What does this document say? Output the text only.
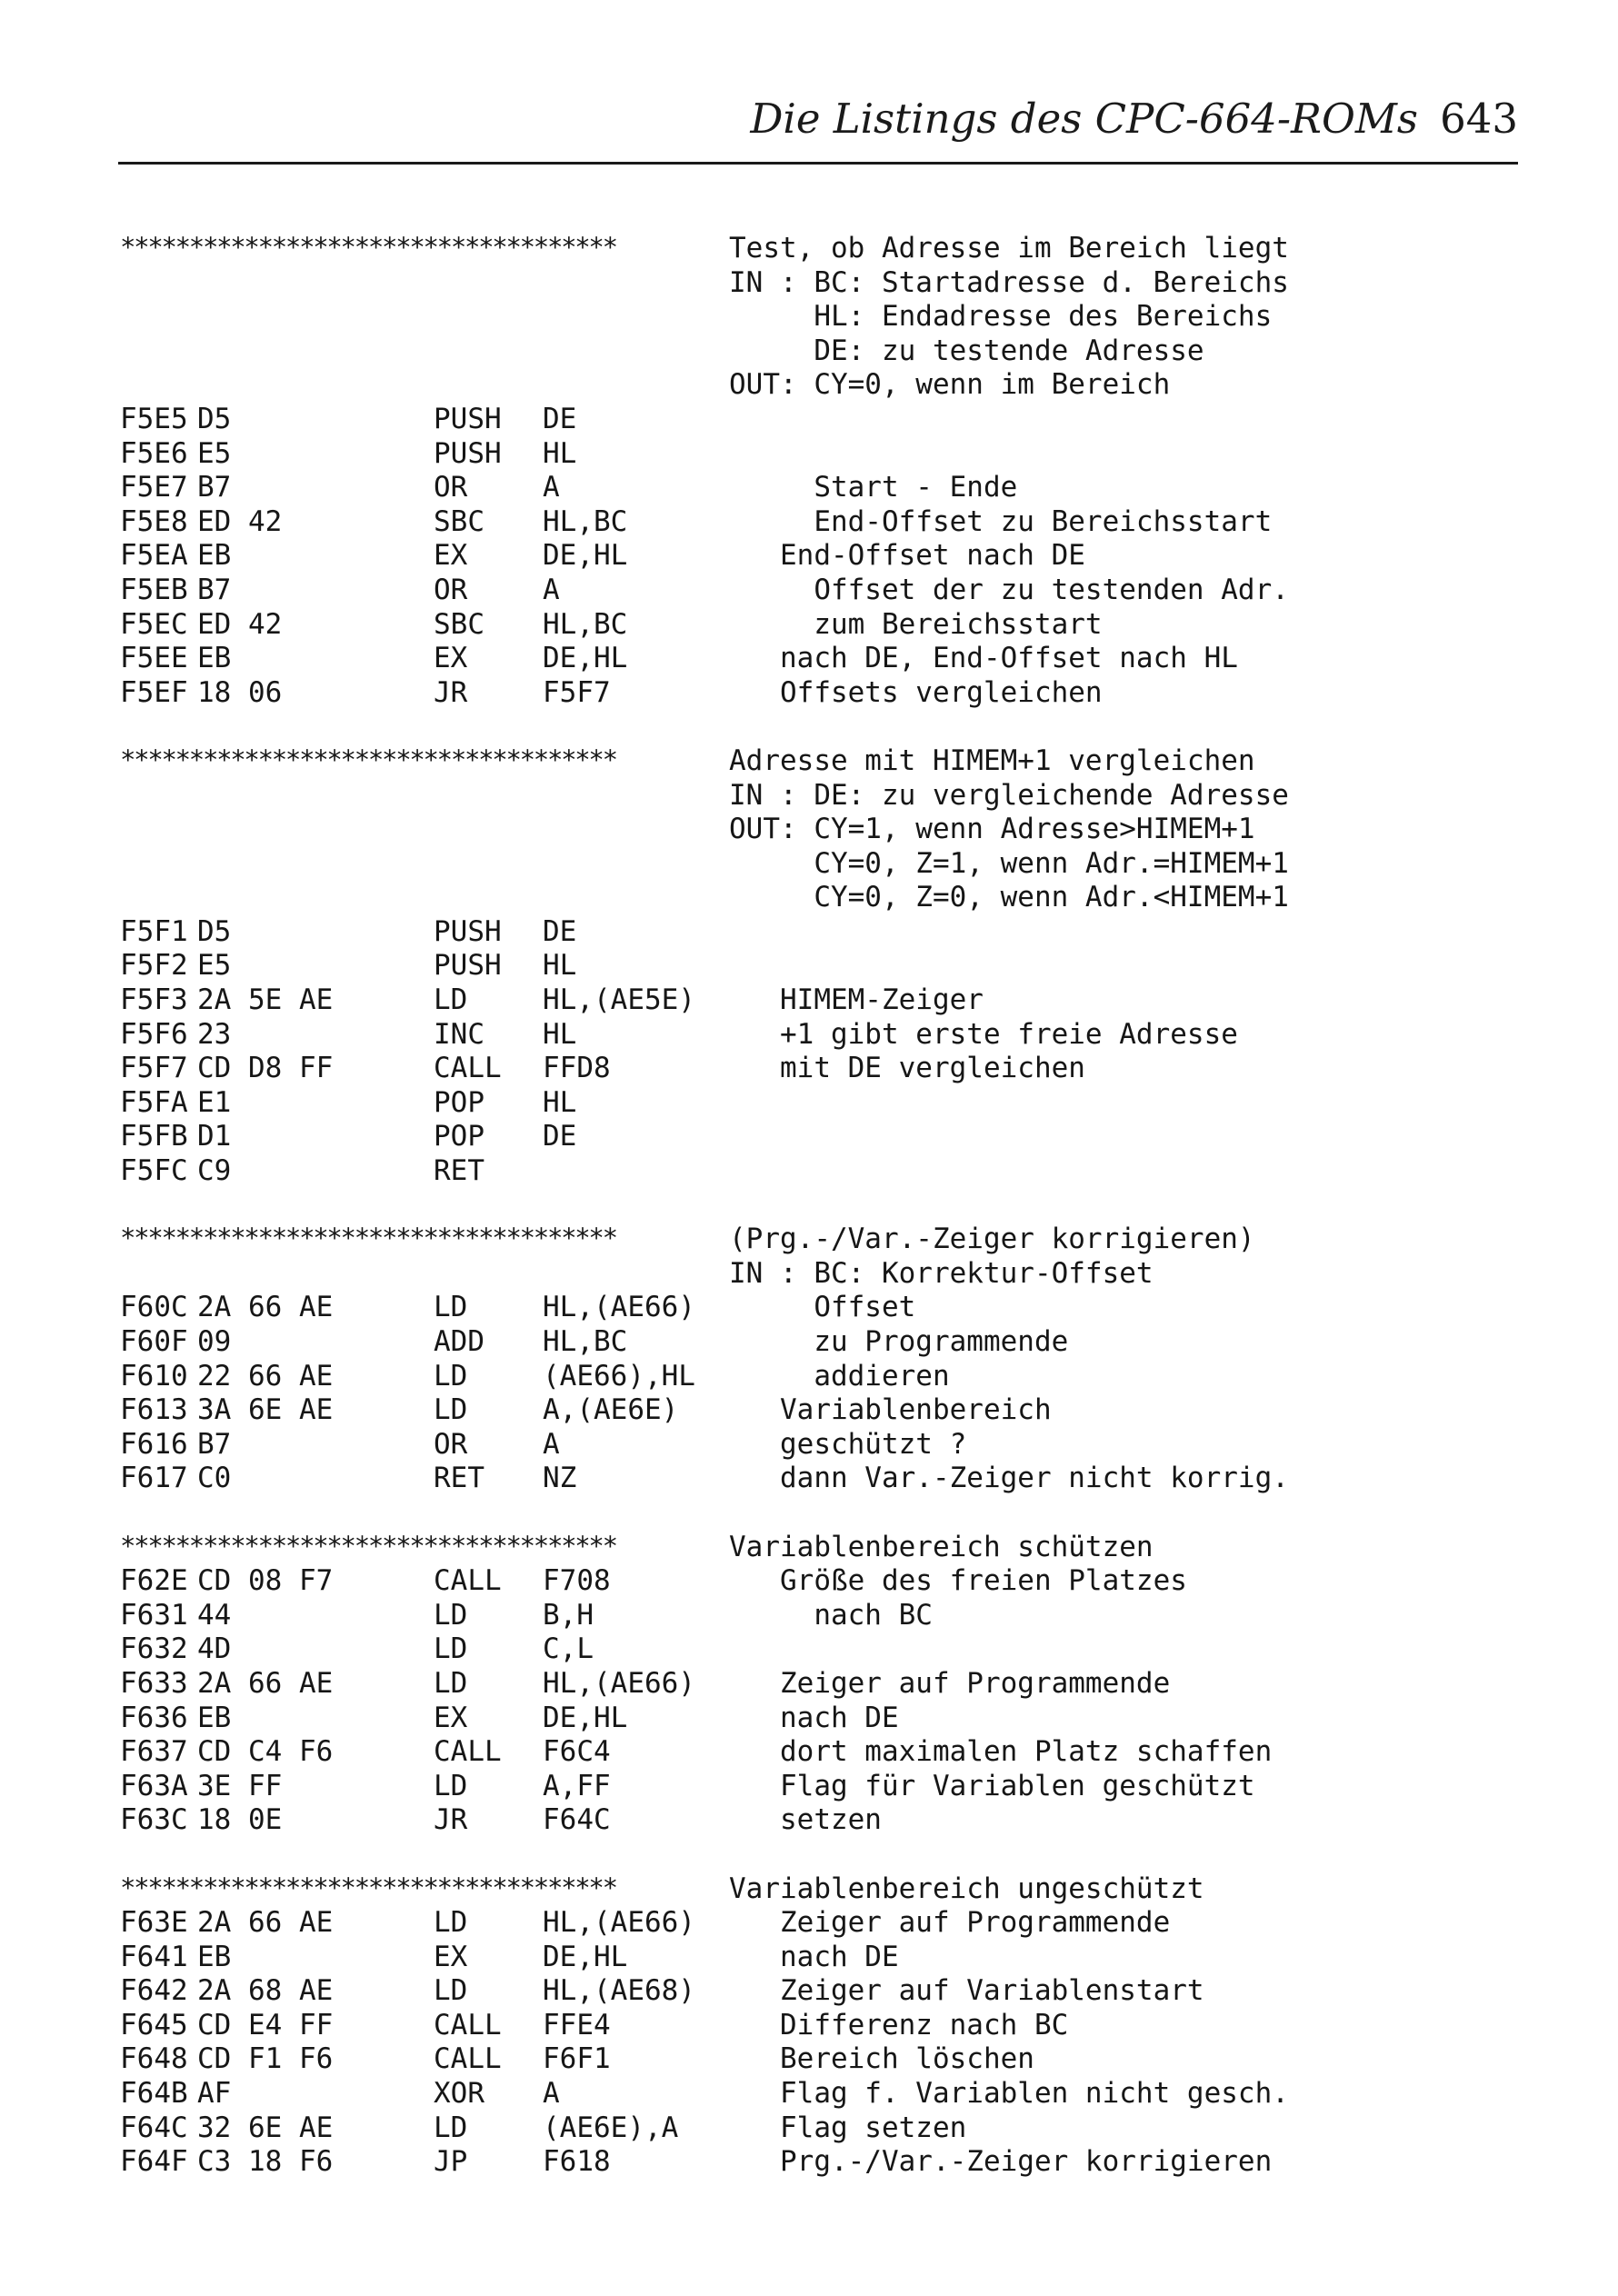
Die Listings des CPC-664-ROMs 643
************************************	Test, ob Adresse im Bereich liegt
IN : BC: Startadresse d. Bereichs
HL: Endadresse des Bereichs
DE: zu testende Adresse
OUT: CY=0, wenn im Bereich
F5E5 D5	PUSH DE
F5E6 E5	PUSH HL
F5E7 B7	OR	A	Start - Ende
F5E8 ED 42	SBC HL,BC	End-Offset zu Bereichsstart
F5EA EB	EX	DE,HL	End-Offset nach DE
F5EB B7	OR	A	Offset der zu testenden Adr.
F5EC ED 42	SBC HL,BC	zum Bereichsstart
F5EE EB	EX	DE,HL	nach DE, End-Offset nach HL
F5EF 18 06	JR	F5F7	Offsets vergleichen
************************************	Adresse mit HIMEM+1 vergleichen
IN : DE: zu vergleichende Adresse
OUT: CY=1, wenn Adresse>HIMEM+1
CY=0, Z=1, wenn Adr.=HIMEM+1
CY=0, Z=0, wenn Adr.<HIMEM+1
F5F1 D5	PUSH DE
F5F2 E5	PUSH HL
F5F3 2A 5E AE	LD	HL,(AE5E) HIMEM-Zeiger
F5F6 23	INC HL	+1 gibt erste freie Adresse
F5F7 CD D8 FF	CALL FFD8	mit DE vergleichen
F5FA E1	POP HL
F5FB D1	POP DE
F5FC C9	RET
************************************	(Prg.-/Var.-Zeiger korrigieren)
IN : BC: Korrektur-Offset
F60C 2A 66 AE	LD	HL,(AE66) Offset
F60F 09	ADD HL,BC	zu Programmende
F610 22 66 AE	LD	(AE66),HL addieren
F613 3A 6E AE	LD	A,(AE6E) Variablenbereich
F616 B7	OR	A	geschützt ?
F617 C0	RET NZ	dann Var.-Zeiger nicht korrig.
************************************	Variablenbereich schützen
F62E CD 08 F7	CALL F708	Größe des freien Platzes
F631 44	LD	B,H	nach BC
F632 4D	LD	C,L
F633 2A 66 AE	LD	HL,(AE66) Zeiger auf Programmende
F636 EB	EX	DE,HL	nach DE
F637 CD C4 F6	CALL F6C4	dort maximalen Platz schaffen
F63A 3E FF	LD	A,FF	Flag für Variablen geschützt
F63C 18 0E	JR	F64C	setzen
************************************	Variablenbereich ungeschützt
F63E 2A 66 AE	LD	HL,(AE66) Zeiger auf Programmende
F641 EB	EX	DE,HL	nach DE
F642 2A 68 AE	LD	HL,(AE68) Zeiger auf Variablenstart
F645 CD E4 FF	CALL FFE4	Differenz nach BC
F648 CD F1 F6	CALL F6F1	Bereich löschen
F64B AF	XOR A	Flag f. Variablen nicht gesch.
F64C 32 6E AE	LD	(AE6E),A Flag setzen
F64F C3 18 F6	JP	F618	Prg.-/Var.-Zeiger korrigieren
